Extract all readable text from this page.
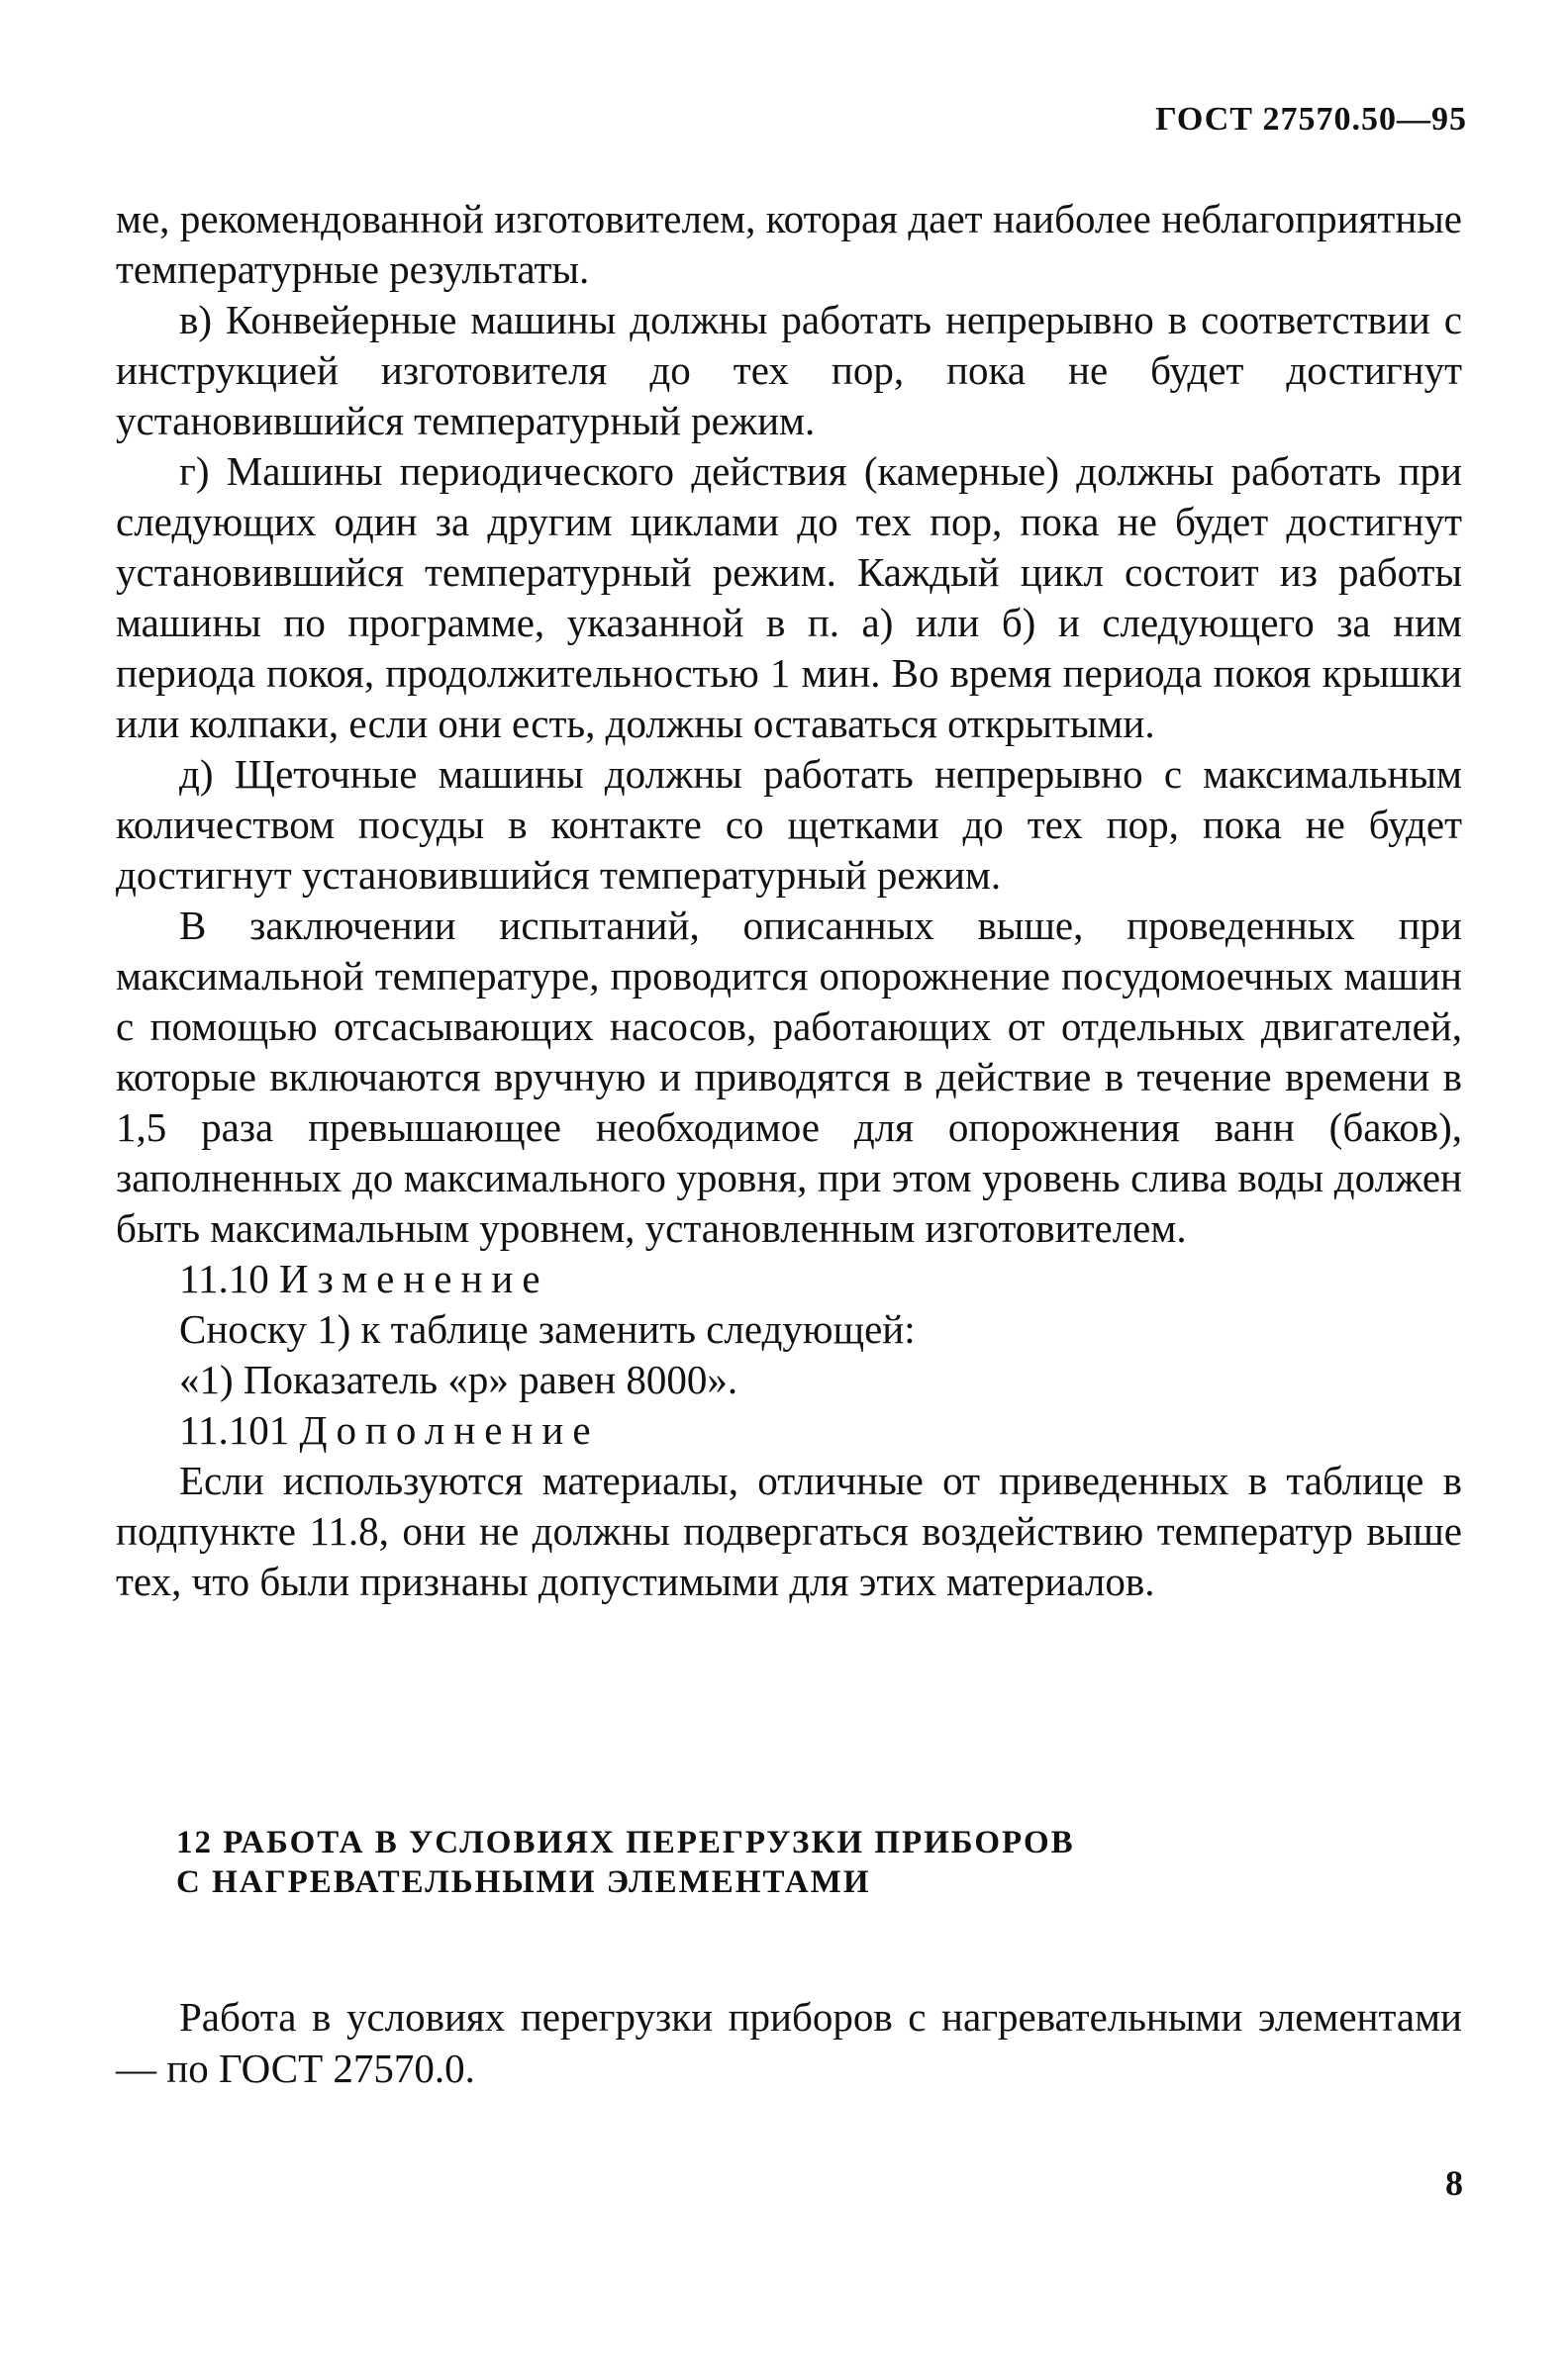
ГОСТ 27570.50—95

ме, рекомендованной изготовителем, которая дает наиболее неблагоприятные температурные результаты.

в) Конвейерные машины должны работать непрерывно в соответствии с инструкцией изготовителя до тех пор, пока не будет достигнут установившийся температурный режим.

г) Машины периодического действия (камерные) должны работать при следующих один за другим циклами до тех пор, пока не будет достигнут установившийся температурный режим. Каждый цикл состоит из работы машины по программе, указанной в п. а) или б) и следующего за ним периода покоя, продолжительностью 1 мин. Во время периода покоя крышки или колпаки, если они есть, должны оставаться открытыми.

д) Щеточные машины должны работать непрерывно с максимальным количеством посуды в контакте со щетками до тех пор, пока не будет достигнут установившийся температурный режим.

В заключении испытаний, описанных выше, проведенных при максимальной температуре, проводится опорожнение посудомоечных машин с помощью отсасывающих насосов, работающих от отдельных двигателей, которые включаются вручную и приводятся в действие в течение времени в 1,5 раза превышающее необходимое для опорожнения ванн (баков), заполненных до максимального уровня, при этом уровень слива воды должен быть максимальным уровнем, установленным изготовителем.

11.10 Изменение

Сноску 1) к таблице заменить следующей:

«1) Показатель «р» равен 8000».

11.101 Дополнение

Если используются материалы, отличные от приведенных в таблице в подпункте 11.8, они не должны подвергаться воздействию температур выше тех, что были признаны допустимыми для этих материалов.

12 РАБОТА В УСЛОВИЯХ ПЕРЕГРУЗКИ ПРИБОРОВ
С НАГРЕВАТЕЛЬНЫМИ ЭЛЕМЕНТАМИ

Работа в условиях перегрузки приборов с нагревательными элементами — по ГОСТ 27570.0.

8
